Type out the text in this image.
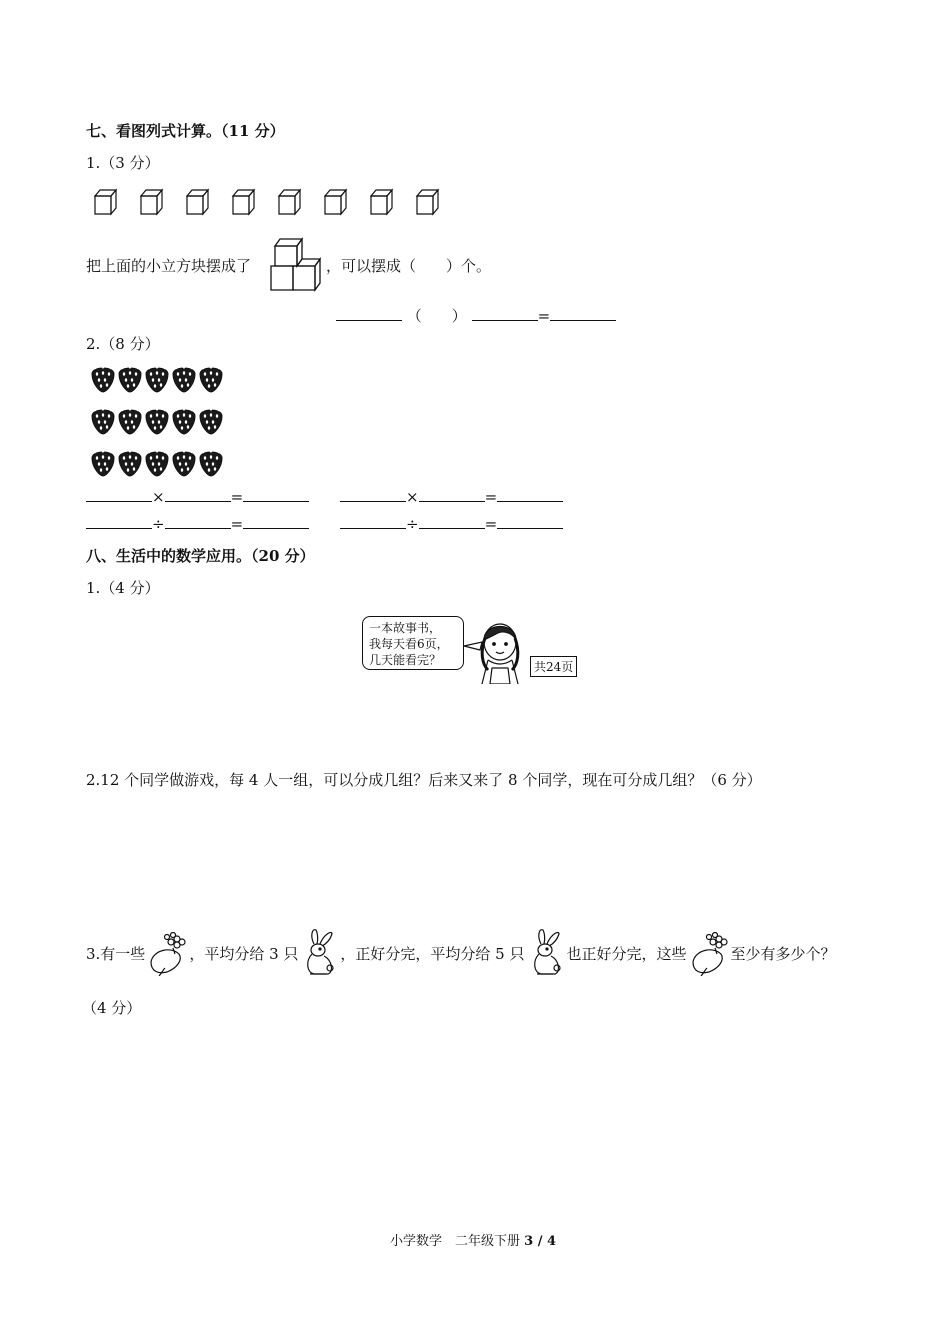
七、看图列式计算。（11 分）
1.（3 分）
把上面的小立方块摆成了	，可以摆成（　　）个。
（　　）	=
2.（8 分）
×	=	×	=
÷	=	÷	=
八、生活中的数学应用。（20 分）
1.（4 分）
一本故事书，
我每天看6页，
几天能看完？	共24页
2.12 个同学做游戏，每 4 人一组，可以分成几组？后来又来了 8 个同学，现在可分成几组？（6 分）
3.有一些	，平均分给 3 只	，正好分完，平均分给 5 只	也正好分完，这些	至少有多少个？
（4 分）
小学数学　二年级下册 3 / 4
